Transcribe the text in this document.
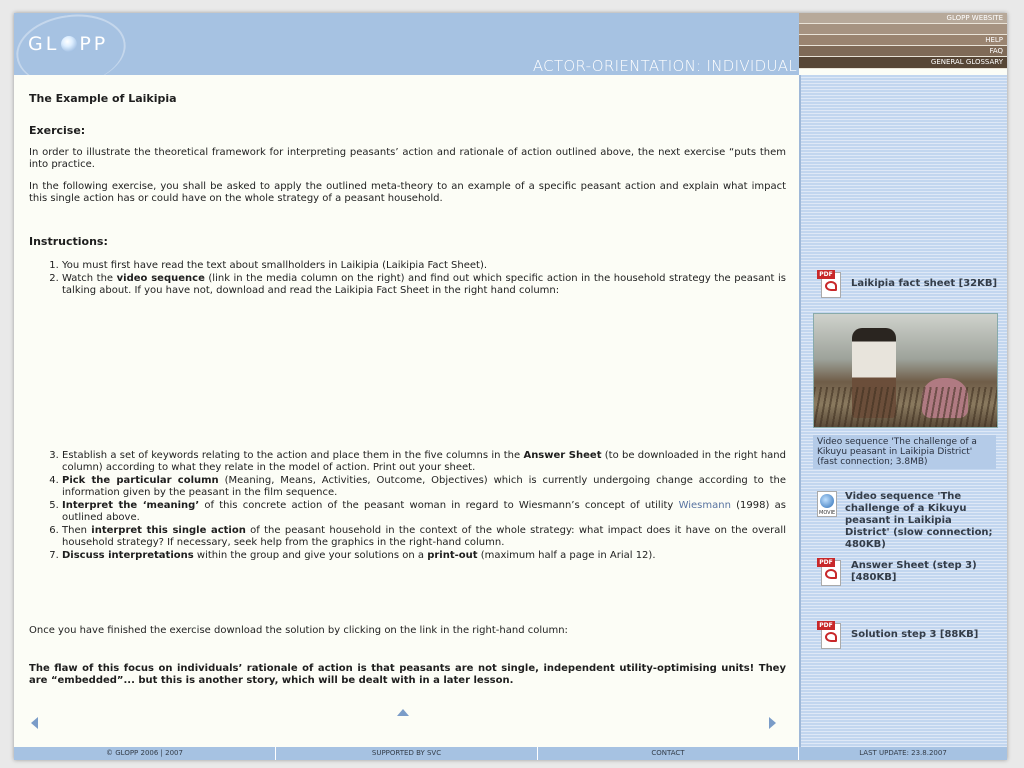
GL PP
ACTOR-ORIENTATION: INDIVIDUAL
GLOPP WEBSITE
HELP
FAQ
GENERAL GLOSSARY
The Example of Laikipia
Exercise:

In order to illustrate the theoretical framework for interpreting peasants’ action and rationale of action outlined above, the next exercise “puts them into practice.

In the following exercise, you shall be asked to apply the outlined meta-theory to an example of a specific peasant action and explain what impact this single action has or could have on the whole strategy of a peasant household.

Instructions:
1. You must first have read the text about smallholders in Laikipia (Laikipia Fact Sheet).
2. Watch the video sequence (link in the media column on the right) and find out which specific action in the household strategy the peasant is talking about. If you have not, download and read the Laikipia Fact Sheet in the right hand column:
3. Establish a set of keywords relating to the action and place them in the five columns in the Answer Sheet (to be downloaded in the right hand column) according to what they relate in the model of action. Print out your sheet.
4. Pick the particular column (Meaning, Means, Activities, Outcome, Objectives) which is currently undergoing change according to the information given by the peasant in the film sequence.
5. Interpret the ‘meaning’ of this concrete action of the peasant woman in regard to Wiesmann’s concept of utility Wiesmann (1998) as outlined above.
6. Then interpret this single action of the peasant household in the context of the whole strategy: what impact does it have on the overall household strategy? If necessary, seek help from the graphics in the right-hand column.
7. Discuss interpretations within the group and give your solutions on a print-out (maximum half a page in Arial 12).

Once you have finished the exercise download the solution by clicking on the link in the right-hand column:

The flaw of this focus on individuals’ rationale of action is that peasants are not single, independent utility-optimising units! They are “embedded”... but this is another story, which will be dealt with in a later lesson.

PDF
Laikipia fact sheet [32KB]
Video sequence 'The challenge of a Kikuyu peasant in Laikipia District' (fast connection; 3.8MB)
MOVIE
Video sequence 'The challenge of a Kikuyu peasant in Laikipia District' (slow connection; 480KB)
PDF Answer Sheet (step 3) [480KB]
PDF
Solution step 3 [88KB]
© GLOPP 2006 | 2007	SUPPORTED BY SVC	CONTACT	LAST UPDATE: 23.8.2007
